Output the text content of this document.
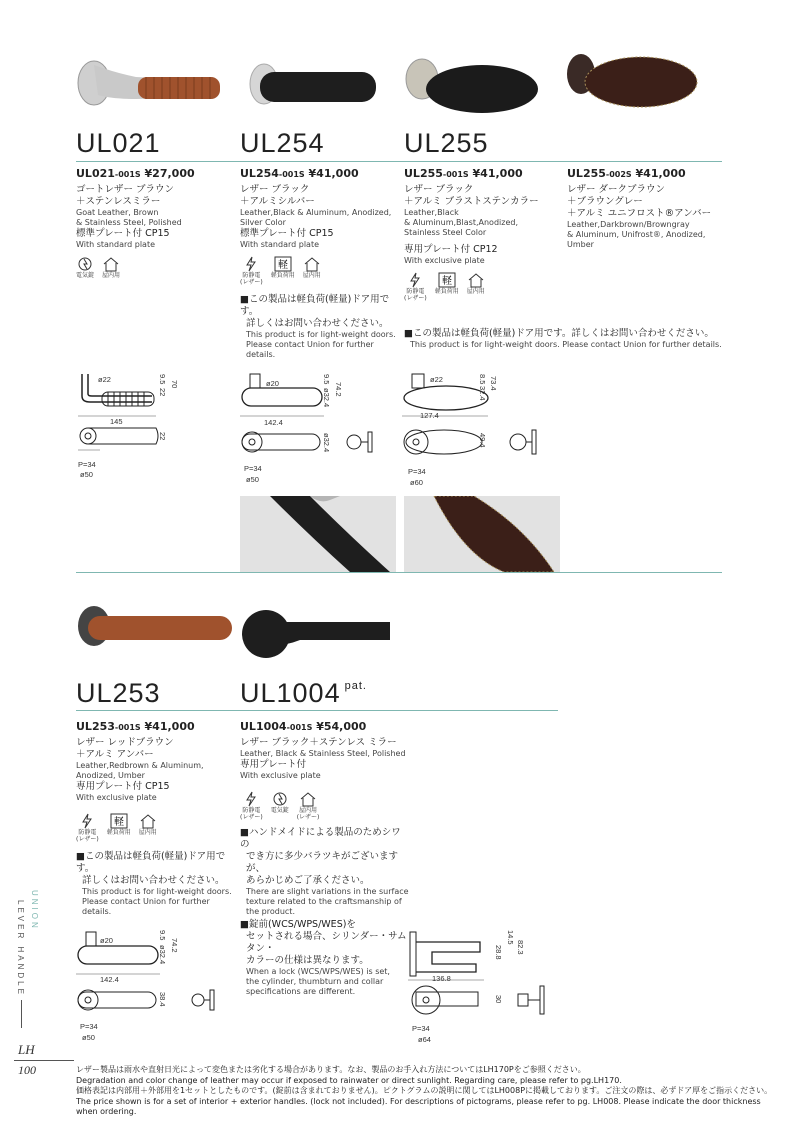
UL021	UL254	UL255
UL021-001S ¥27,000
ゴートレザー ブラウン
＋ステンレスミラー
Goat Leather, Brown
& Stainless Steel, Polished
標準プレート付 CP15
With standard plate
電気錠 屋内用
UL254-001S ¥41,000
レザー ブラック
＋アルミシルバー
Leather,Black & Aluminum, Anodized,
Silver Color
標準プレート付 CP15
With standard plate
防静電
(レザー)
軽
軽負荷用 屋内用
■この製品は軽負荷(軽量)ドア用です。
詳しくはお問い合わせください。
This product is for light-weight doors.
Please contact Union for further details.
UL255-001S ¥41,000
レザー ブラック
＋アルミ ブラストステンカラー
Leather,Black
& Aluminum,Blast,Anodized,
Stainless Steel Color
専用プレート付 CP12
With exclusive plate
防静電
(レザー)
軽
軽負荷用 屋内用
■この製品は軽負荷(軽量)ドア用です。詳しくはお問い合わせください。
This product is for light-weight doors. Please contact Union for further details.
UL255-002S ¥41,000
レザー ダークブラウン
＋ブラウングレー
＋アルミ ユニフロスト®アンバー
Leather,Darkbrown/Browngray
& Aluminum, Unifrost®, Anodized,
Umber
ø22	9.5
22
70
145
22
P=34
ø50
ø20	9.5
ø32.4 74.2
142.4
ø32.4
P=34
ø50
ø22	8.5
32.4
73.4
127.4
49.4
P=34
ø60
UL253	UL1004 $^{pat.}$
UL253-001S ¥41,000
レザー レッドブラウン
＋アルミ アンバー
Leather,Redbrown & Aluminum,
Anodized, Umber
専用プレート付 CP15
With exclusive plate
防静電
(レザー)
軽
軽負荷用 屋内用
■この製品は軽負荷(軽量)ドア用です。
詳しくはお問い合わせください。
This product is for light-weight doors.
Please contact Union for further details.
UL1004-001S ¥54,000
レザー ブラック＋ステンレス ミラー
Leather, Black & Stainless Steel, Polished
専用プレート付
With exclusive plate
防静電
(レザー)
電気錠	屋内用
(レザー)
■ハンドメイドによる製品のためシワの
でき方に多少バラツキがございますが、
あらかじめご了承ください。
There are slight variations in the surface
texture related to the craftsmanship of
the product.
■錠前(WCS/WPS/WES)を
セットされる場合、シリンダー・サムタン・
カラーの仕様は異なります。
When a lock (WCS/WPS/WES) is set,
the cylinder, thumbturn and collar
specifications are different.
ø20
9.5
ø32.4 74.2
142.4
38.4
P=34
ø50
28.8
14.5
82.3
136.8
30
P=34
ø64
UNION
LEVER HANDLE
LH
100	レザー製品は雨水や直射日光によって変色または劣化する場合があります。なお、製品のお手入れ方法についてはLH170Pをご参照ください。
Degradation and color change of leather may occur if exposed to rainwater or direct sunlight. Regarding care, please refer to pg.LH170.
価格表記は内部用＋外部用を1セットとしたものです。(錠前は含まれておりません)。ピクトグラムの説明に関してはLH008Pに掲載しております。ご注文の際は、必ずドア厚をご指示ください。
The price shown is for a set of interior + exterior handles. (lock not included). For descriptions of pictograms, please refer to pg. LH008. Please indicate the door thickness when ordering.
